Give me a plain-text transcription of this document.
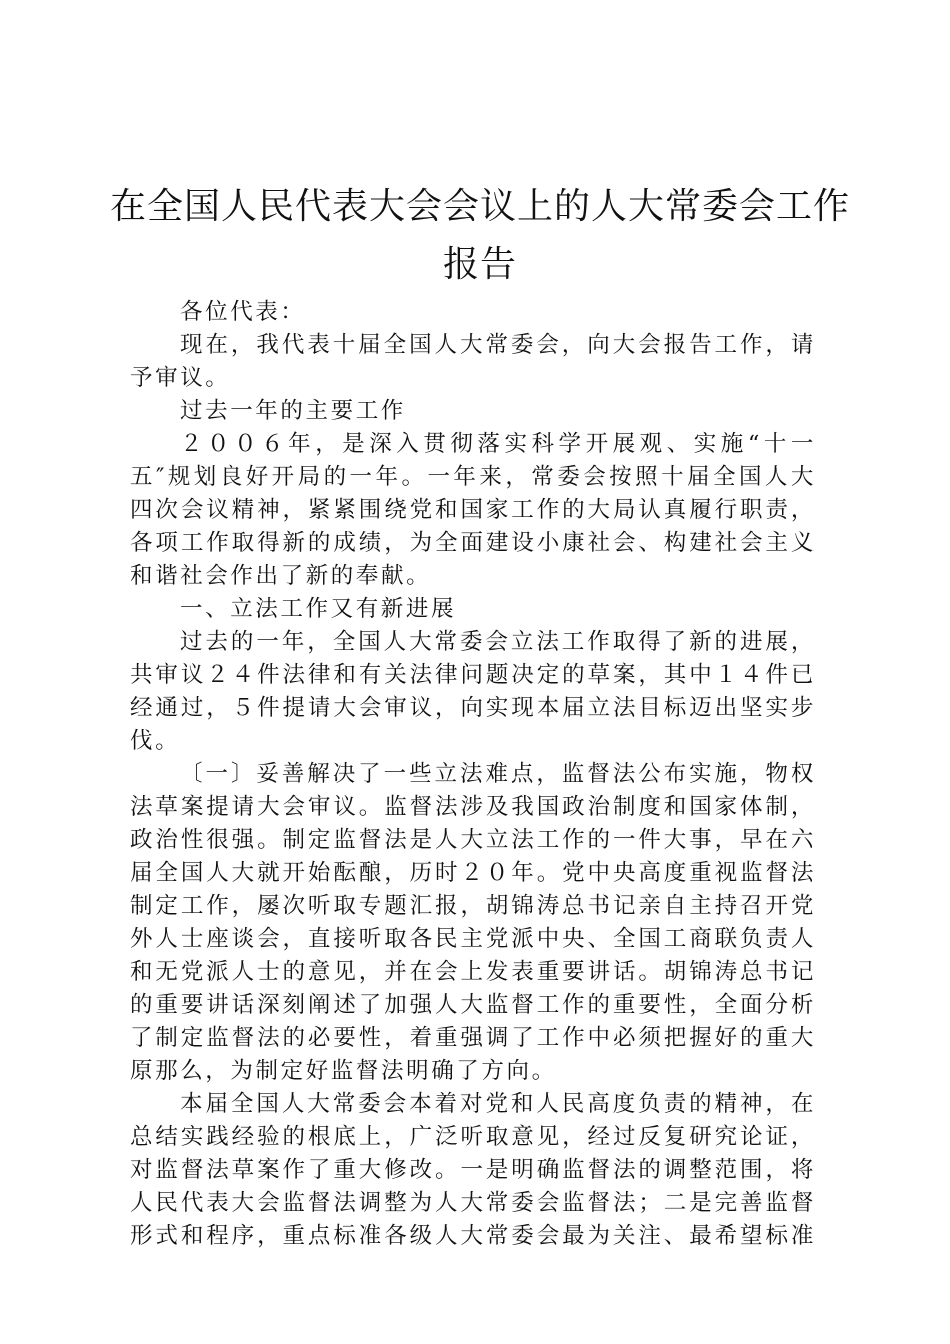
在全国人民代表大会会议上的人大常委会工作
报告
各位代表：
现在，我代表十届全国人大常委会，向大会报告工作，请
予审议。
过去一年的主要工作
２００６年，是深入贯彻落实科学开展观、实施“十一
五″规划良好开局的一年。一年来，常委会按照十届全国人大
四次会议精神，紧紧围绕党和国家工作的大局认真履行职责，
各项工作取得新的成绩，为全面建设小康社会、构建社会主义
和谐社会作出了新的奉献。
一、立法工作又有新进展
过去的一年，全国人大常委会立法工作取得了新的进展，
共审议２４件法律和有关法律问题决定的草案，其中１４件已
经通过，５件提请大会审议，向实现本届立法目标迈出坚实步
伐。
〔一〕妥善解决了一些立法难点，监督法公布实施，物权
法草案提请大会审议。监督法涉及我国政治制度和国家体制，
政治性很强。制定监督法是人大立法工作的一件大事，早在六
届全国人大就开始酝酿，历时２０年。党中央高度重视监督法
制定工作，屡次听取专题汇报，胡锦涛总书记亲自主持召开党
外人士座谈会，直接听取各民主党派中央、全国工商联负责人
和无党派人士的意见，并在会上发表重要讲话。胡锦涛总书记
的重要讲话深刻阐述了加强人大监督工作的重要性，全面分析
了制定监督法的必要性，着重强调了工作中必须把握好的重大
原那么，为制定好监督法明确了方向。
本届全国人大常委会本着对党和人民高度负责的精神，在
总结实践经验的根底上，广泛听取意见，经过反复研究论证，
对监督法草案作了重大修改。一是明确监督法的调整范围，将
人民代表大会监督法调整为人大常委会监督法；二是完善监督
形式和程序，重点标准各级人大常委会最为关注、最希望标准
